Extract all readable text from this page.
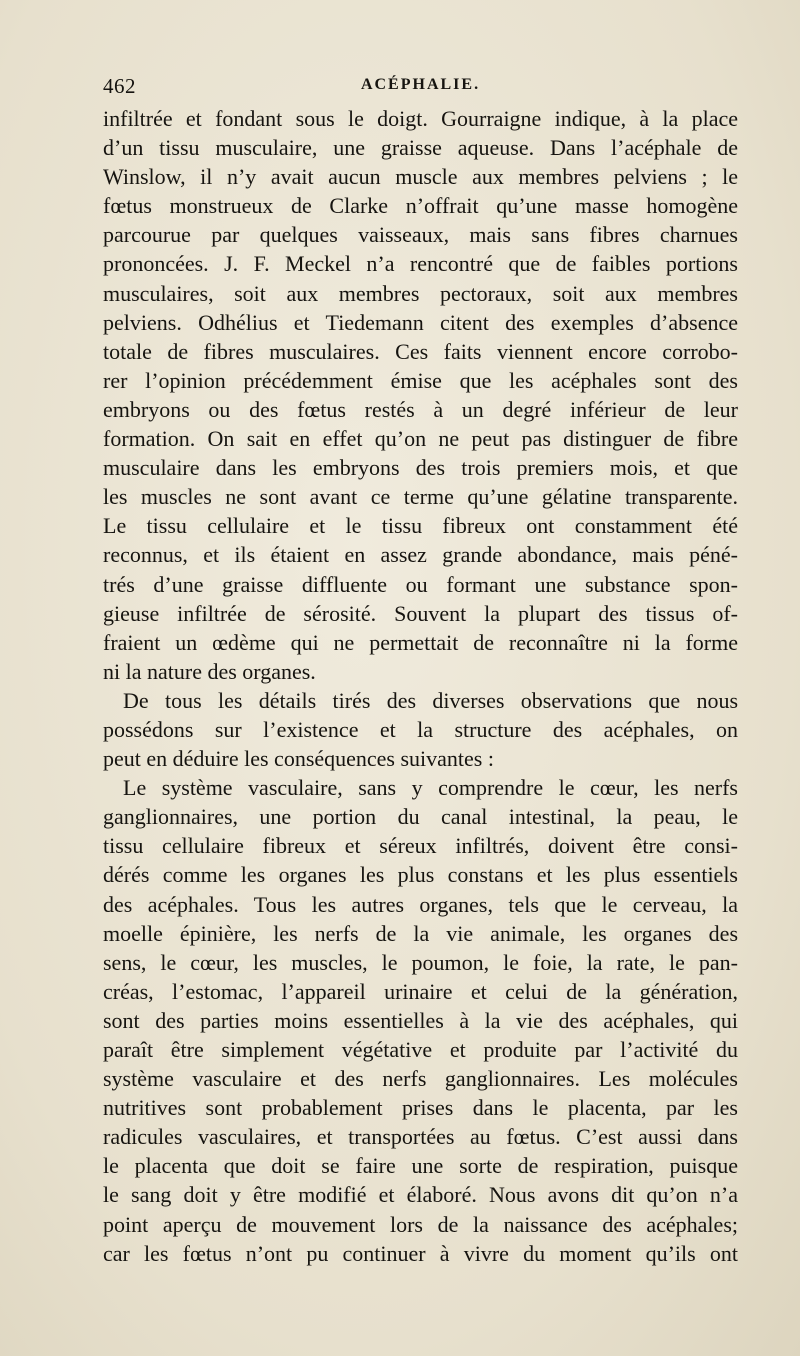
462	ACÉPHALIE.
infiltrée et fondant sous le doigt. Gourraigne indique, à la place
d’un tissu musculaire, une graisse aqueuse. Dans l’acéphale de
Winslow, il n’y avait aucun muscle aux membres pelviens ; le
fœtus monstrueux de Clarke n’offrait qu’une masse homogène
parcourue par quelques vaisseaux, mais sans fibres charnues
prononcées. J. F. Meckel n’a rencontré que de faibles portions
musculaires, soit aux membres pectoraux, soit aux membres
pelviens. Odhélius et Tiedemann citent des exemples d’absence
totale de fibres musculaires. Ces faits viennent encore corrobo-
rer l’opinion précédemment émise que les acéphales sont des
embryons ou des fœtus restés à un degré inférieur de leur
formation. On sait en effet qu’on ne peut pas distinguer de fibre
musculaire dans les embryons des trois premiers mois, et que
les muscles ne sont avant ce terme qu’une gélatine transparente.
Le tissu cellulaire et le tissu fibreux ont constamment été
reconnus, et ils étaient en assez grande abondance, mais péné-
trés d’une graisse diffluente ou formant une substance spon-
gieuse infiltrée de sérosité. Souvent la plupart des tissus of-
fraient un œdème qui ne permettait de reconnaître ni la forme
ni la nature des organes.
De tous les détails tirés des diverses observations que nous
possédons sur l’existence et la structure des acéphales, on
peut en déduire les conséquences suivantes :
Le système vasculaire, sans y comprendre le cœur, les nerfs
ganglionnaires, une portion du canal intestinal, la peau, le
tissu cellulaire fibreux et séreux infiltrés, doivent être consi-
dérés comme les organes les plus constans et les plus essentiels
des acéphales. Tous les autres organes, tels que le cerveau, la
moelle épinière, les nerfs de la vie animale, les organes des
sens, le cœur, les muscles, le poumon, le foie, la rate, le pan-
créas, l’estomac, l’appareil urinaire et celui de la génération,
sont des parties moins essentielles à la vie des acéphales, qui
paraît être simplement végétative et produite par l’activité du
système vasculaire et des nerfs ganglionnaires. Les molécules
nutritives sont probablement prises dans le placenta, par les
radicules vasculaires, et transportées au fœtus. C’est aussi dans
le placenta que doit se faire une sorte de respiration, puisque
le sang doit y être modifié et élaboré. Nous avons dit qu’on n’a
point aperçu de mouvement lors de la naissance des acéphales;
car les fœtus n’ont pu continuer à vivre du moment qu’ils ont
